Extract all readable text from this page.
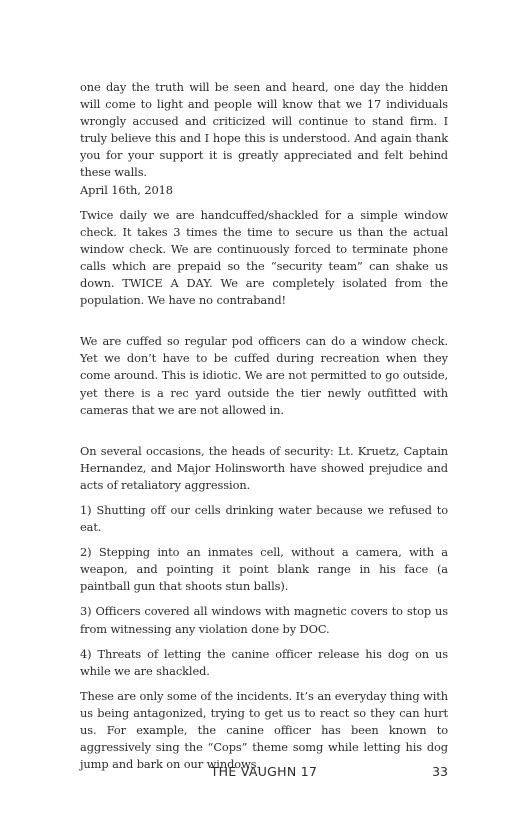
one day the truth will be seen and heard, one day the hidden will come to light and people will know that we 17 individuals wrongly accused and criticized will continue to stand firm. I truly believe this and I hope this is understood. And again thank you for your support it is greatly appreciated and felt behind these walls.
April 16th, 2018

Twice daily we are handcuffed/shackled for a simple window check. It takes 3 times the time to secure us than the actual window check. We are continuously forced to terminate phone calls which are prepaid so the “security team” can shake us down. TWICE A DAY. We are completely isolated from the population. We have no contraband!

We are cuffed so regular pod officers can do a window check. Yet we don’t have to be cuffed during recreation when they come around. This is idiotic. We are not permitted to go outside, yet there is a rec yard outside the tier newly outfitted with cameras that we are not allowed in.

On several occasions, the heads of security: Lt. Kruetz, Captain Hernandez, and Major Holinsworth have showed prejudice and acts of retaliatory aggression.

1) Shutting off our cells drinking water because we refused to eat.

2) Stepping into an inmates cell, without a camera, with a weapon, and pointing it point blank range in his face (a paintball gun that shoots stun balls).

3) Officers covered all windows with magnetic covers to stop us from witnessing any violation done by DOC.

4) Threats of letting the canine officer release his dog on us while we are shackled.

These are only some of the incidents. It’s an everyday thing with us being antagonized, trying to get us to react so they can hurt us. For example, the canine officer has been known to aggressively sing the “Cops” theme somg while letting his dog jump and bark on our windows.

THE VAUGHN 17	33
